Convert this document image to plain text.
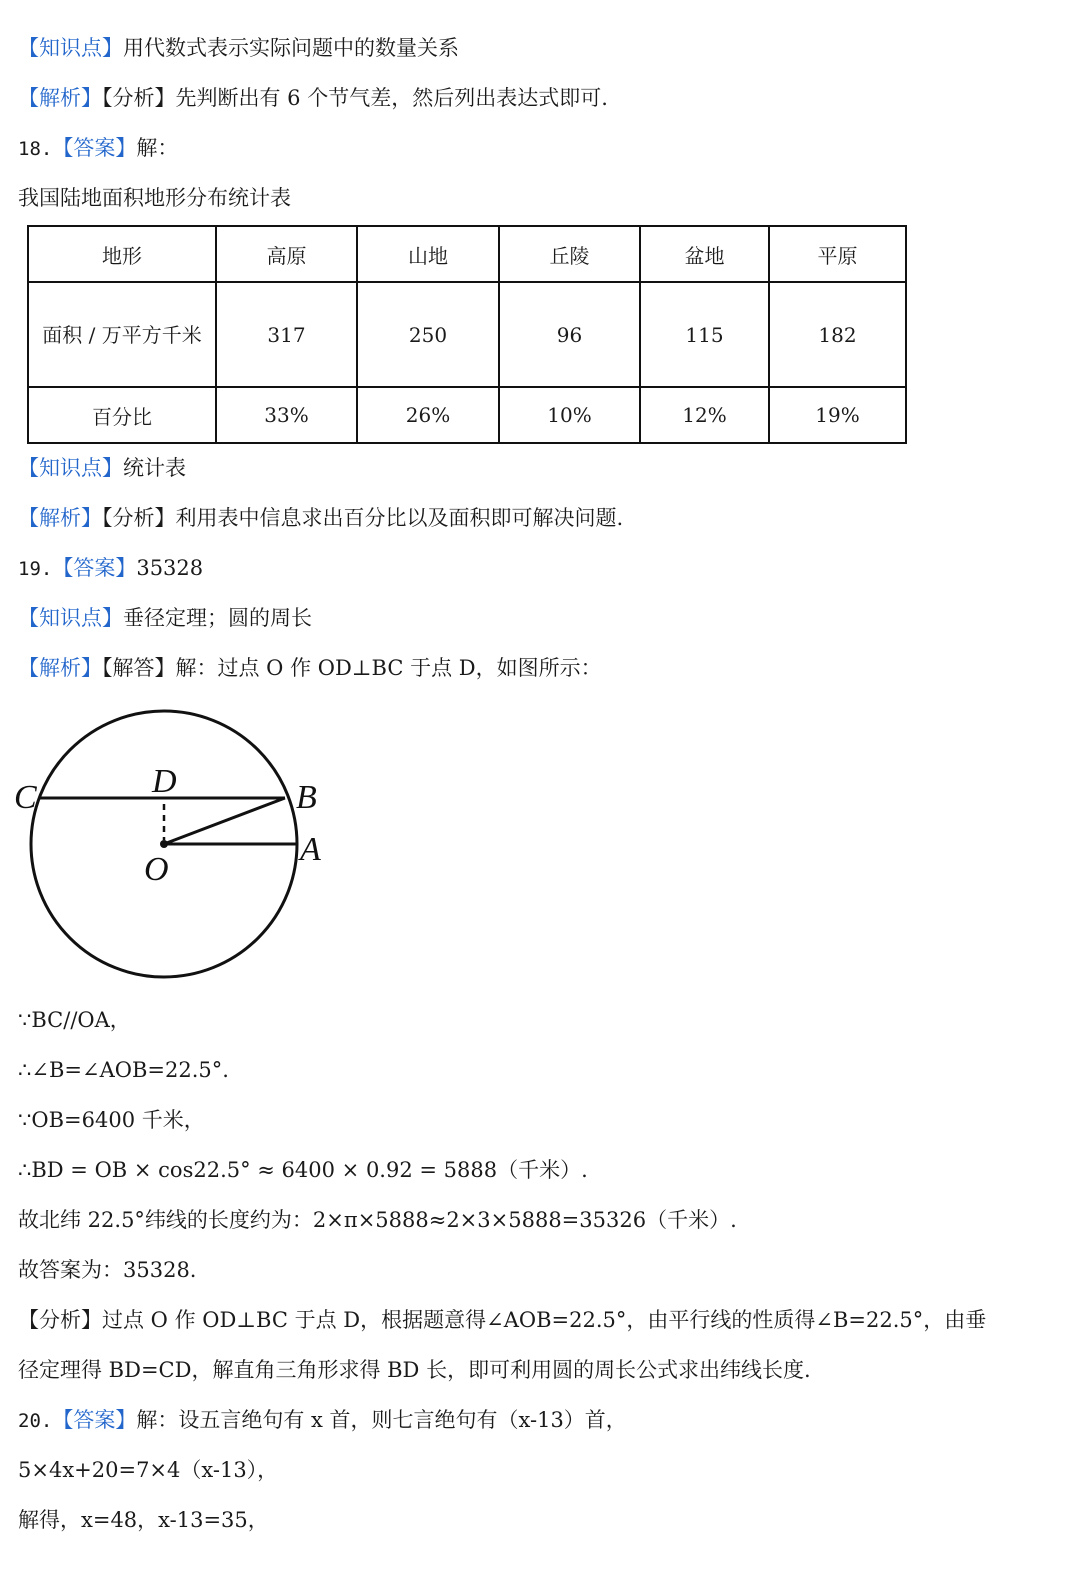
【知识点】用代数式表示实际问题中的数量关系
【解析】【分析】先判断出有 6 个节气差，然后列出表达式即可.
18.【答案】解：
我国陆地面积地形分布统计表
地形	高原	山地	丘陵	盆地	平原
面积 / 万平方千米	317	250	96	115	182
百分比	33%	26%	10%	12%	19%
【知识点】统计表
【解析】【分析】利用表中信息求出百分比以及面积即可解决问题.
19.【答案】35328
【知识点】垂径定理；圆的周长
【解析】【解答】解：过点 O 作 OD⊥BC 于点 D，如图所示：
C	D	B
A
O
∵BC//OA，
∴∠B=∠AOB=22.5°.
∵OB=6400 千米，
∴BD = OB × cos22.5° ≈ 6400 × 0.92 = 5888（千米）.
故北纬 22.5°纬线的长度约为：2×π×5888≈2×3×5888=35326（千米）.
故答案为：35328.
【分析】过点 O 作 OD⊥BC 于点 D，根据题意得∠AOB=22.5°，由平行线的性质得∠B=22.5°，由垂
径定理得 BD=CD，解直角三角形求得 BD 长，即可利用圆的周长公式求出纬线长度.
20.【答案】解：设五言绝句有 x 首，则七言绝句有（x-13）首，
5×4x+20=7×4（x-13），
解得，x=48，x-13=35，
